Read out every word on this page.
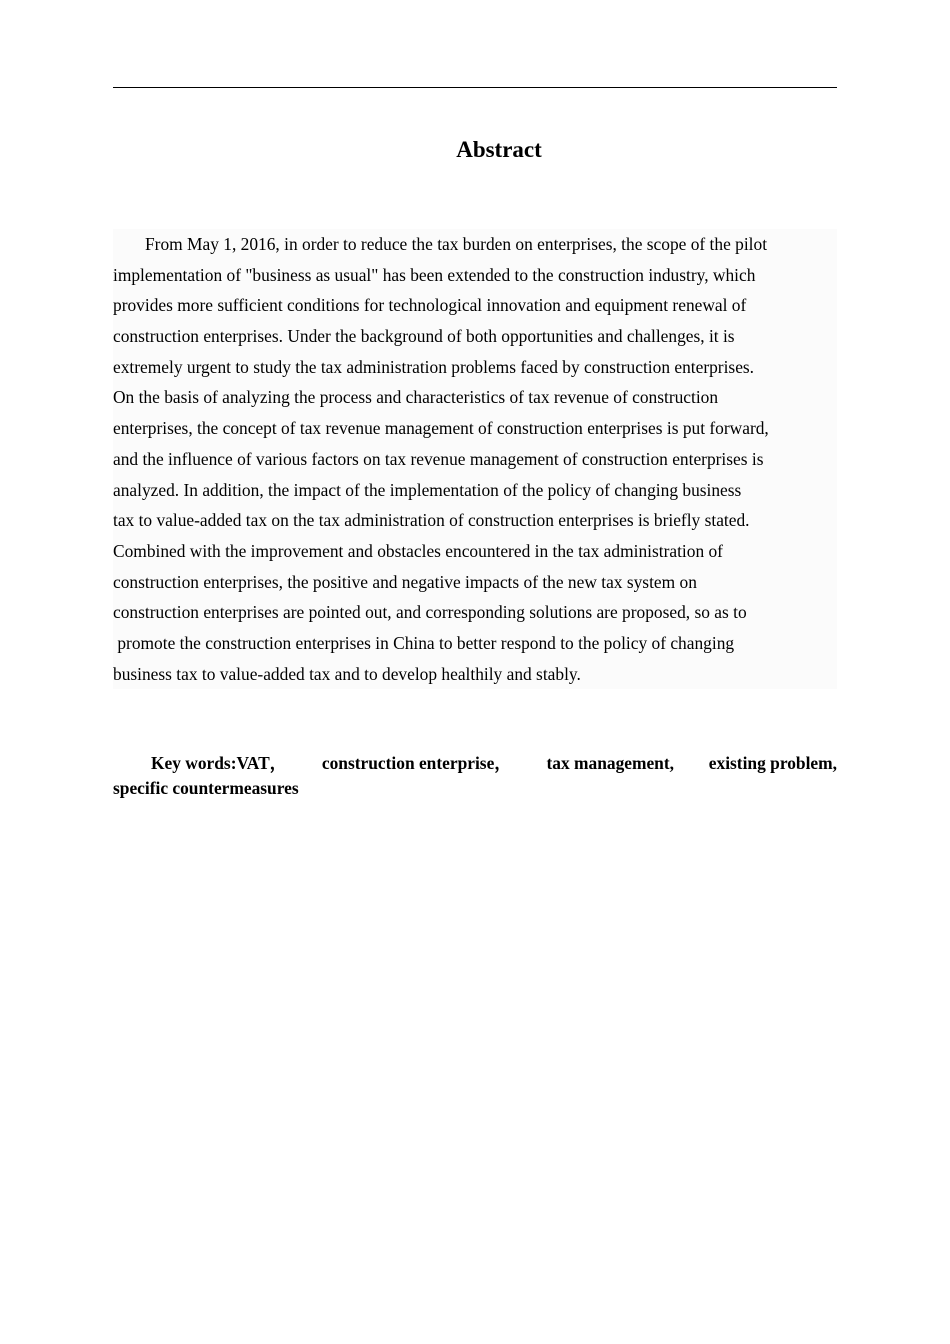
Abstract
From May 1, 2016, in order to reduce the tax burden on enterprises, the scope of the pilot
implementation of "business as usual" has been extended to the construction industry, which
provides more sufficient conditions for technological innovation and equipment renewal of
construction enterprises. Under the background of both opportunities and challenges, it is
extremely urgent to study the tax administration problems faced by construction enterprises.
On the basis of analyzing the process and characteristics of tax revenue of construction
enterprises, the concept of tax revenue management of construction enterprises is put forward,
and the influence of various factors on tax revenue management of construction enterprises is
analyzed. In addition, the impact of the implementation of the policy of changing business
tax to value-added tax on the tax administration of construction enterprises is briefly stated.
Combined with the improvement and obstacles encountered in the tax administration of
construction enterprises, the positive and negative impacts of the new tax system on
construction enterprises are pointed out, and corresponding solutions are proposed, so as to
promote the construction enterprises in China to better respond to the policy of changing
business tax to value-added tax and to develop healthily and stably.
Key words:VAT， construction enterprise， tax management, existing problem,
specific countermeasures
